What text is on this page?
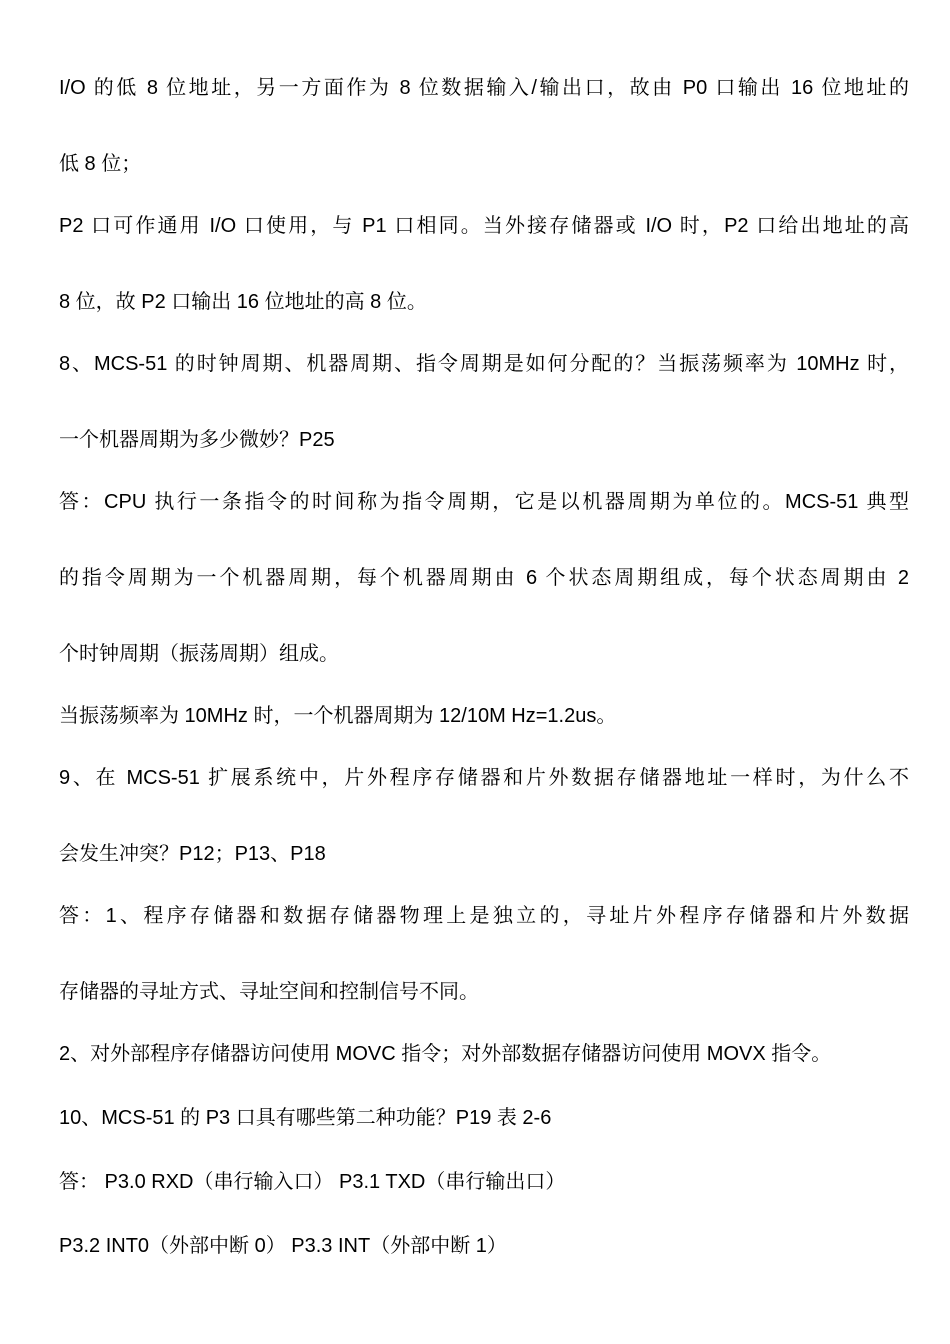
I/O 的低 8 位地址，另一方面作为 8 位数据输入/输出口，故由 P0 口输出 16 位地址的
低 8 位；
P2 口可作通用 I/O 口使用，与 P1 口相同。当外接存储器或 I/O 时，P2 口给出地址的高
8 位，故 P2 口输出 16 位地址的高 8 位。
8、MCS-51 的时钟周期、机器周期、指令周期是如何分配的？当振荡频率为 10MHz 时，
一个机器周期为多少微妙？P25
答：CPU 执行一条指令的时间称为指令周期，它是以机器周期为单位的。MCS-51 典型
的指令周期为一个机器周期，每个机器周期由 6 个状态周期组成，每个状态周期由 2
个时钟周期（振荡周期）组成。
当振荡频率为 10MHz 时，一个机器周期为 12/10M Hz=1.2us。
9、在 MCS-51 扩展系统中，片外程序存储器和片外数据存储器地址一样时，为什么不
会发生冲突？P12；P13、P18
答：1、程序存储器和数据存储器物理上是独立的，寻址片外程序存储器和片外数据
存储器的寻址方式、寻址空间和控制信号不同。
2、对外部程序存储器访问使用 MOVC 指令；对外部数据存储器访问使用 MOVX 指令。
10、MCS-51 的 P3 口具有哪些第二种功能？P19 表 2-6
答： P3.0 RXD（串行输入口） P3.1 TXD（串行输出口）
P3.2 INT0（外部中断 0） P3.3 INT（外部中断 1）
